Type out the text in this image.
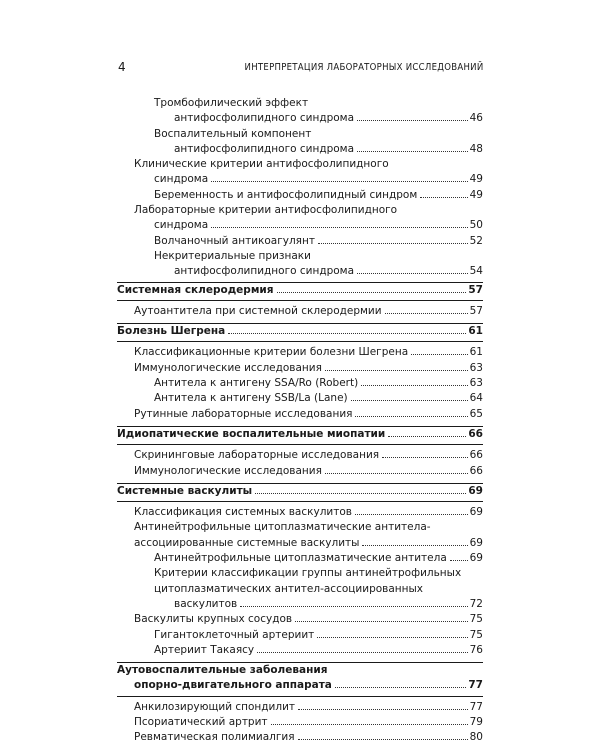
4	ИНТЕРПРЕТАЦИЯ ЛАБОРАТОРНЫХ ИССЛЕДОВАНИЙ
Тромбофилический эффект
антифосфолипидного синдрома	46
Воспалительный компонент
антифосфолипидного синдрома	48
Клинические критерии антифосфолипидного
синдрома	49
Беременность и антифосфолипидный синдром	49
Лабораторные критерии антифосфолипидного
синдрома	50
Волчаночный антикоагулянт	52
Некритериальные признаки
антифосфолипидного синдрома	54
Системная склеродермия	57
Аутоантитела при системной склеродермии	57
Болезнь Шегрена	61
Классификационные критерии болезни Шегрена	61
Иммунологические исследования	63
Антитела к антигену SSA/Ro (Robert)	63
Антитела к антигену SSB/La (Lane)	64
Рутинные лабораторные исследования	65
Идиопатические воспалительные миопатии	66
Скрининговые лабораторные исследования	66
Иммунологические исследования	66
Системные васкулиты	69
Классификация системных васкулитов	69
Антинейтрофильные цитоплазматические антитела-
ассоциированные системные васкулиты	69
Антинейтрофильные цитоплазматические антитела 69
Критерии классификации группы антинейтрофильных
цитоплазматических антител-ассоциированных
васкулитов	72
Васкулиты крупных сосудов	75
Гигантоклеточный артериит	75
Артериит Такаясу	76
Аутовоспалительные заболевания
опорно-двигательного аппарата	77
Анкилозирующий спондилит	77
Псориатический артрит	79
Ревматическая полимиалгия	80
